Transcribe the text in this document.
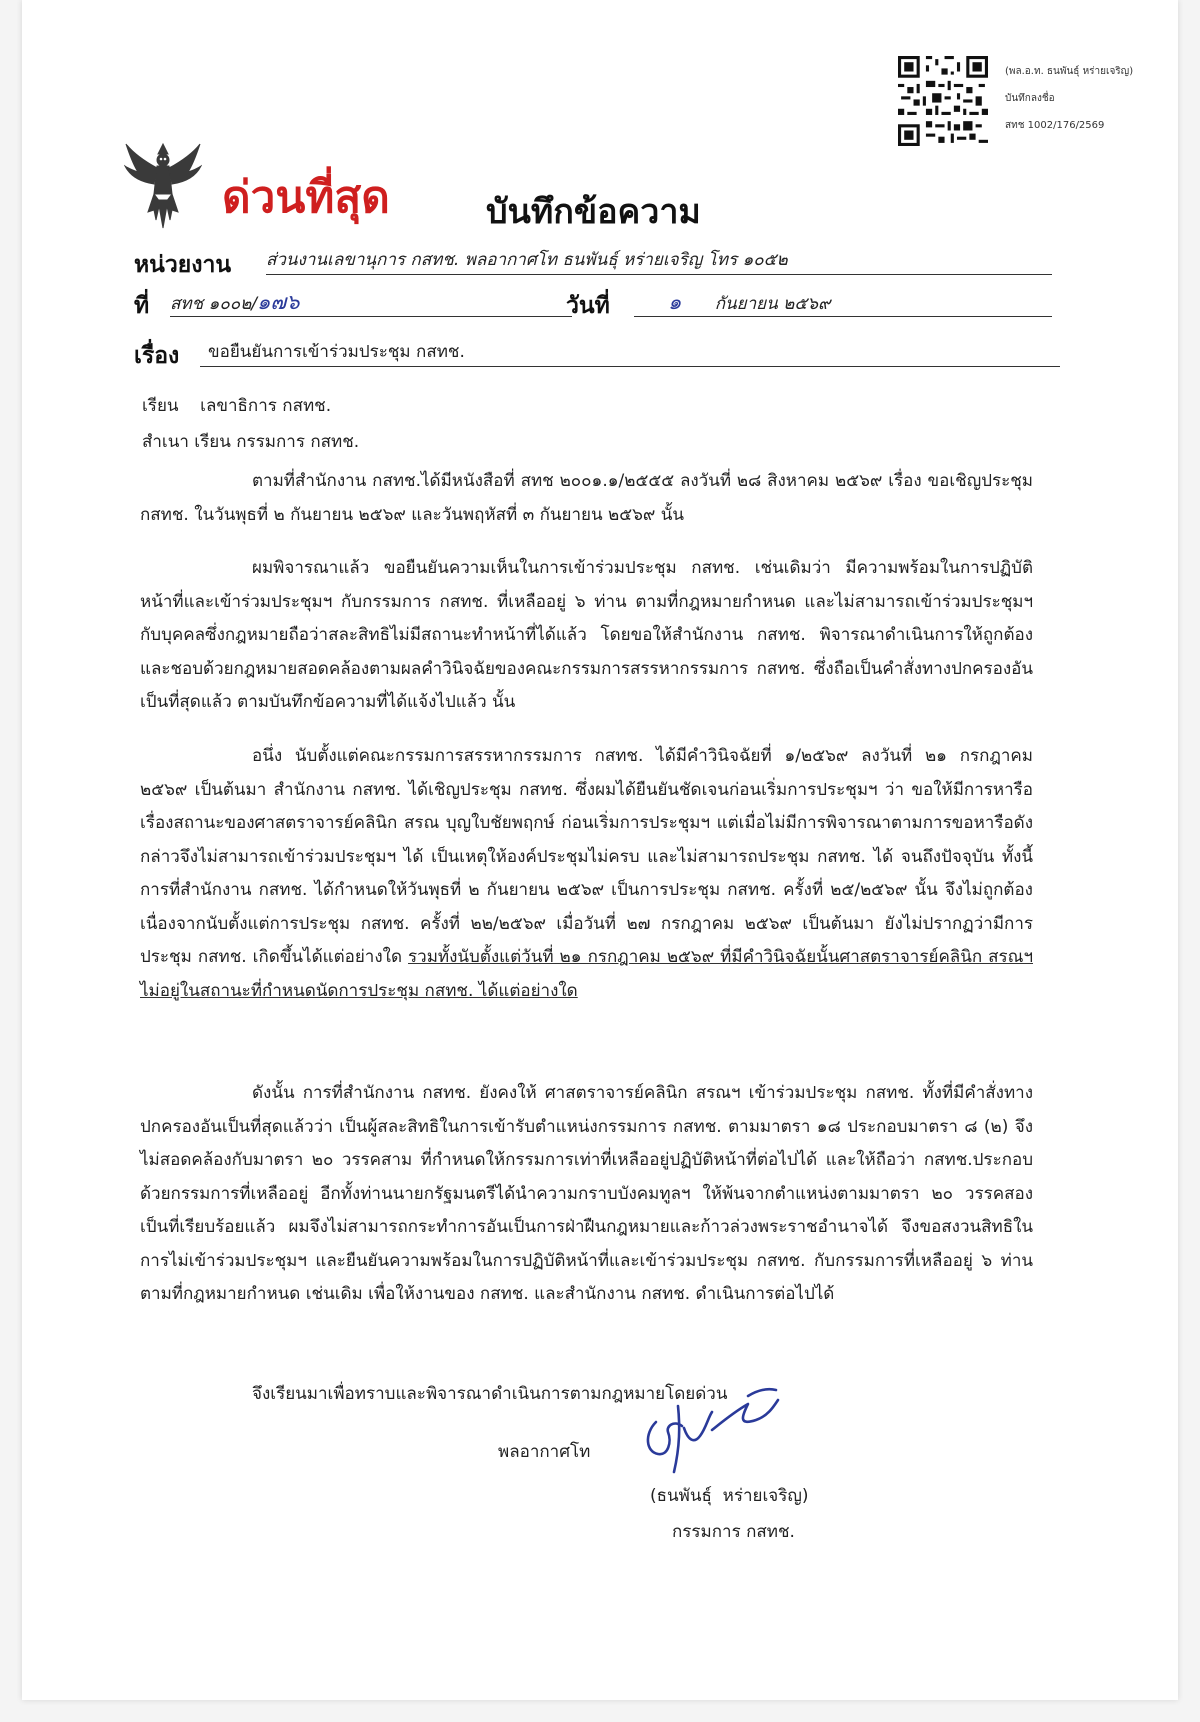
(พล.อ.ท. ธนพันธุ์ หร่ายเจริญ)
บันทึกลงชื่อ
สทช 1002/176/2569
ด่วนที่สุด	บันทึกข้อความ
หน่วยงาน ส่วนงานเลขานุการ กสทช. พลอากาศโท ธนพันธุ์ หร่ายเจริญ โทร ๑๐๕๒
ที่ สทช ๑๐๐๒/๑๗๖	วันที่	๑ กันยายน ๒๕๖๙
เรื่อง	ขอยืนยันการเข้าร่วมประชุม กสทช.
เรียน    เลขาธิการ กสทช.
สำเนา เรียน กรรมการ กสทช.
ตามที่สำนักงาน กสทช.ได้มีหนังสือที่ สทช ๒๐๐๑.๑/๒๕๕๕ ลงวันที่ ๒๘ สิงหาคม ๒๕๖๙ เรื่อง ขอเชิญประชุม กสทช. ในวันพุธที่ ๒ กันยายน ๒๕๖๙ และวันพฤหัสที่ ๓ กันยายน ๒๕๖๙ นั้น
ผมพิจารณาแล้ว ขอยืนยันความเห็นในการเข้าร่วมประชุม กสทช. เช่นเดิมว่า มีความพร้อมในการปฏิบัติหน้าที่และเข้าร่วมประชุมฯ กับกรรมการ กสทช. ที่เหลืออยู่ ๖ ท่าน ตามที่กฎหมายกำหนด และไม่สามารถเข้าร่วมประชุมฯ กับบุคคลซึ่งกฎหมายถือว่าสละสิทธิไม่มีสถานะทำหน้าที่ได้แล้ว โดยขอให้สำนักงาน กสทช. พิจารณาดำเนินการให้ถูกต้องและชอบด้วยกฎหมายสอดคล้องตามผลคำวินิจฉัยของคณะกรรมการสรรหากรรมการ กสทช. ซึ่งถือเป็นคำสั่งทางปกครองอันเป็นที่สุดแล้ว ตามบันทึกข้อความที่ได้แจ้งไปแล้ว นั้น
อนึ่ง นับตั้งแต่คณะกรรมการสรรหากรรมการ กสทช. ได้มีคำวินิจฉัยที่ ๑/๒๕๖๙ ลงวันที่ ๒๑ กรกฎาคม ๒๕๖๙ เป็นต้นมา สำนักงาน กสทช. ได้เชิญประชุม กสทช. ซึ่งผมได้ยืนยันชัดเจนก่อนเริ่มการประชุมฯ ว่า ขอให้มีการหารือเรื่องสถานะของศาสตราจารย์คลินิก สรณ บุญใบชัยพฤกษ์ ก่อนเริ่มการประชุมฯ แต่เมื่อไม่มีการพิจารณาตามการขอหารือดังกล่าวจึงไม่สามารถเข้าร่วมประชุมฯ ได้ เป็นเหตุให้องค์ประชุมไม่ครบ และไม่สามารถประชุม กสทช. ได้ จนถึงปัจจุบัน ทั้งนี้ การที่สำนักงาน กสทช. ได้กำหนดให้วันพุธที่ ๒ กันยายน ๒๕๖๙ เป็นการประชุม กสทช. ครั้งที่ ๒๕/๒๕๖๙ นั้น จึงไม่ถูกต้อง เนื่องจากนับตั้งแต่การประชุม กสทช. ครั้งที่ ๒๒/๒๕๖๙ เมื่อวันที่ ๒๗ กรกฎาคม ๒๕๖๙ เป็นต้นมา ยังไม่ปรากฏว่ามีการประชุม กสทช. เกิดขึ้นได้แต่อย่างใด รวมทั้งนับตั้งแต่วันที่ ๒๑ กรกฎาคม ๒๕๖๙ ที่มีคำวินิจฉัยนั้นศาสตราจารย์คลินิก สรณฯ ไม่อยู่ในสถานะที่กำหนดนัดการประชุม กสทช. ได้แต่อย่างใด
ดังนั้น การที่สำนักงาน กสทช. ยังคงให้ ศาสตราจารย์คลินิก สรณฯ เข้าร่วมประชุม กสทช. ทั้งที่มีคำสั่งทางปกครองอันเป็นที่สุดแล้วว่า เป็นผู้สละสิทธิในการเข้ารับตำแหน่งกรรมการ กสทช. ตามมาตรา ๑๘ ประกอบมาตรา ๘ (๒) จึงไม่สอดคล้องกับมาตรา ๒๐ วรรคสาม ที่กำหนดให้กรรมการเท่าที่เหลืออยู่ปฏิบัติหน้าที่ต่อไปได้ และให้ถือว่า กสทช.ประกอบด้วยกรรมการที่เหลืออยู่ อีกทั้งท่านนายกรัฐมนตรีได้นำความกราบบังคมทูลฯ ให้พ้นจากตำแหน่งตามมาตรา ๒๐ วรรคสองเป็นที่เรียบร้อยแล้ว ผมจึงไม่สามารถกระทำการอันเป็นการฝ่าฝืนกฎหมายและก้าวล่วงพระราชอำนาจได้ จึงขอสงวนสิทธิในการไม่เข้าร่วมประชุมฯ และยืนยันความพร้อมในการปฏิบัติหน้าที่และเข้าร่วมประชุม กสทช. กับกรรมการที่เหลืออยู่ ๖ ท่าน ตามที่กฎหมายกำหนด เช่นเดิม เพื่อให้งานของ กสทช. และสำนักงาน กสทช. ดำเนินการต่อไปได้
จึงเรียนมาเพื่อทราบและพิจารณาดำเนินการตามกฎหมายโดยด่วน
พลอากาศโท
(ธนพันธุ์  หร่ายเจริญ)
กรรมการ กสทช.
